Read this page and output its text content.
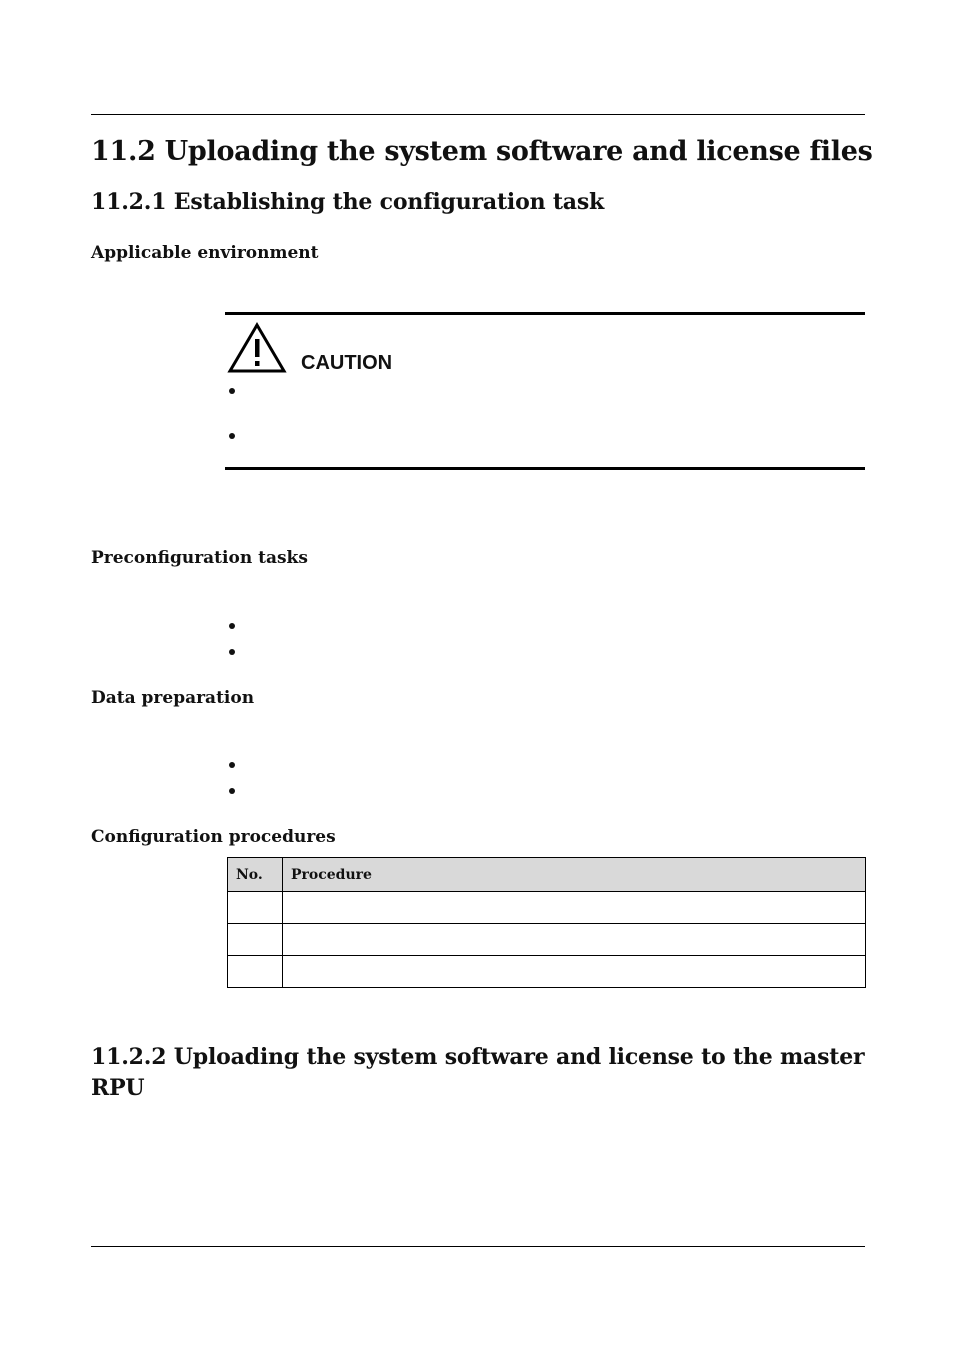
11.2 Uploading the system software and license files
11.2.1 Establishing the configuration task
Applicable environment
CAUTION
Preconfiguration tasks
Data preparation
Configuration procedures
No.	Procedure

11.2.2 Uploading the system software and license to the master RPU
